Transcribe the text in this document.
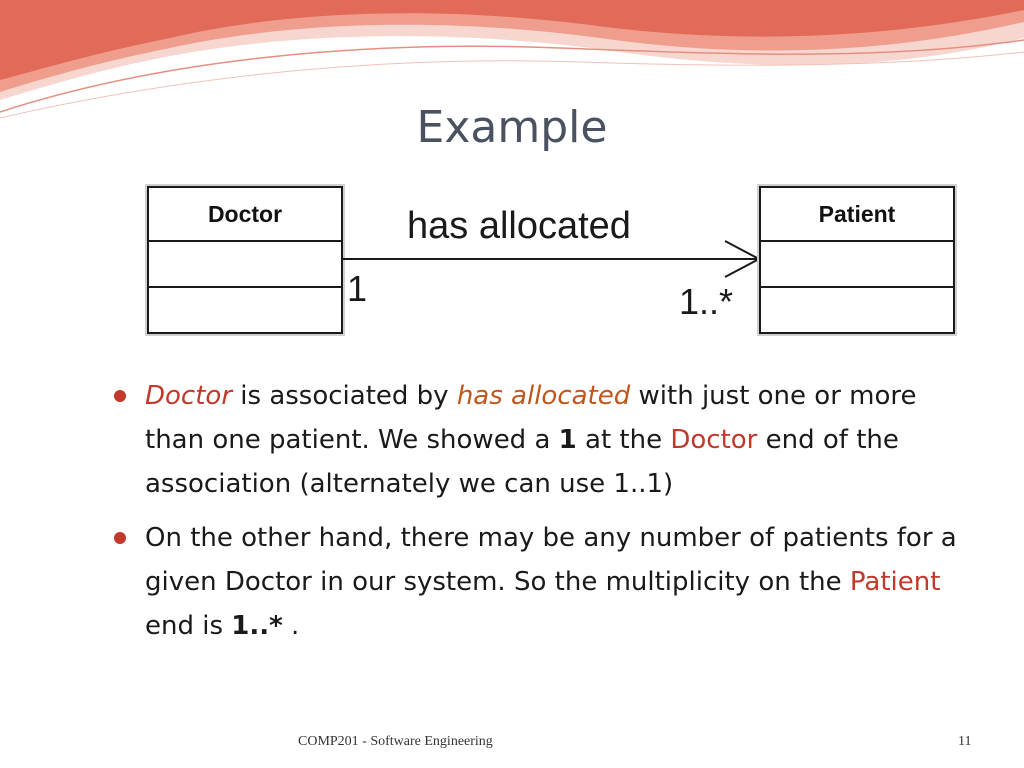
Example
Doctor	has allocated
1	1..*
Patient
Doctor is associated by has allocated with just one or more than one patient. We showed a 1 at the Doctor end of the association (alternately we can use 1..1)
On the other hand, there may be any number of patients for a given Doctor in our system. So the multiplicity on the Patient end is 1..* .
COMP201 - Software Engineering	11
